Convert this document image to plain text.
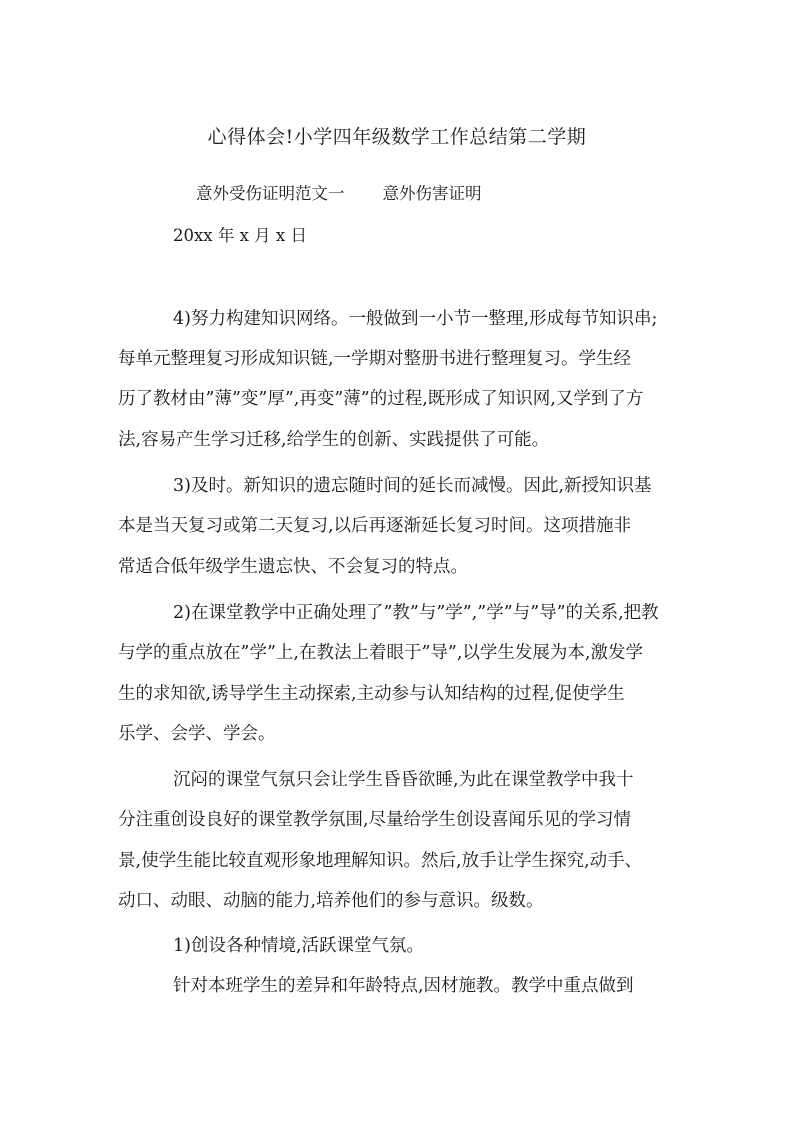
心得体会!小学四年级数学工作总结第二学期
意外受伤证明范文一 意外伤害证明
20xx 年 x 月 x 日
4)努力构建知识网络。一般做到一小节一整理,形成每节知识串;
每单元整理复习形成知识链,一学期对整册书进行整理复习。学生经
历了教材由”薄”变”厚”,再变”薄”的过程,既形成了知识网,又学到了方
法,容易产生学习迁移,给学生的创新、实践提供了可能。
3)及时。新知识的遗忘随时间的延长而减慢。因此,新授知识基
本是当天复习或第二天复习,以后再逐渐延长复习时间。这项措施非
常适合低年级学生遗忘快、不会复习的特点。
2)在课堂教学中正确处理了”教”与”学”,”学”与”导”的关系,把教
与学的重点放在”学”上,在教法上着眼于”导”,以学生发展为本,激发学
生的求知欲,诱导学生主动探索,主动参与认知结构的过程,促使学生
乐学、会学、学会。
沉闷的课堂气氛只会让学生昏昏欲睡,为此在课堂教学中我十
分注重创设良好的课堂教学氛围,尽量给学生创设喜闻乐见的学习情
景,使学生能比较直观形象地理解知识。然后,放手让学生探究,动手、
动口、动眼、动脑的能力,培养他们的参与意识。级数。
1)创设各种情境,活跃课堂气氛。
针对本班学生的差异和年龄特点,因材施教。教学中重点做到
